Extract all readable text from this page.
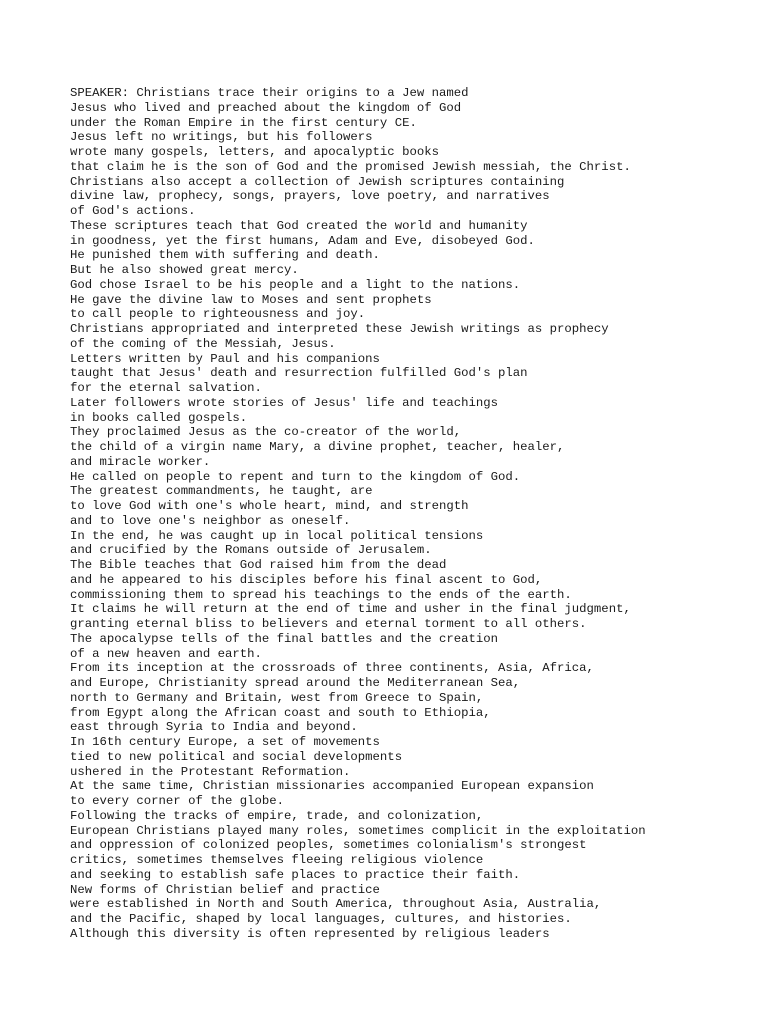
SPEAKER: Christians trace their origins to a Jew named
Jesus who lived and preached about the kingdom of God
under the Roman Empire in the first century CE.
Jesus left no writings, but his followers
wrote many gospels, letters, and apocalyptic books
that claim he is the son of God and the promised Jewish messiah, the Christ.
Christians also accept a collection of Jewish scriptures containing
divine law, prophecy, songs, prayers, love poetry, and narratives
of God's actions.
These scriptures teach that God created the world and humanity
in goodness, yet the first humans, Adam and Eve, disobeyed God.
He punished them with suffering and death.
But he also showed great mercy.
God chose Israel to be his people and a light to the nations.
He gave the divine law to Moses and sent prophets
to call people to righteousness and joy.
Christians appropriated and interpreted these Jewish writings as prophecy
of the coming of the Messiah, Jesus.
Letters written by Paul and his companions
taught that Jesus' death and resurrection fulfilled God's plan
for the eternal salvation.
Later followers wrote stories of Jesus' life and teachings
in books called gospels.
They proclaimed Jesus as the co-creator of the world,
the child of a virgin name Mary, a divine prophet, teacher, healer,
and miracle worker.
He called on people to repent and turn to the kingdom of God.
The greatest commandments, he taught, are
to love God with one's whole heart, mind, and strength
and to love one's neighbor as oneself.
In the end, he was caught up in local political tensions
and crucified by the Romans outside of Jerusalem.
The Bible teaches that God raised him from the dead
and he appeared to his disciples before his final ascent to God,
commissioning them to spread his teachings to the ends of the earth.
It claims he will return at the end of time and usher in the final judgment,
granting eternal bliss to believers and eternal torment to all others.
The apocalypse tells of the final battles and the creation
of a new heaven and earth.
From its inception at the crossroads of three continents, Asia, Africa,
and Europe, Christianity spread around the Mediterranean Sea,
north to Germany and Britain, west from Greece to Spain,
from Egypt along the African coast and south to Ethiopia,
east through Syria to India and beyond.
In 16th century Europe, a set of movements
tied to new political and social developments
ushered in the Protestant Reformation.
At the same time, Christian missionaries accompanied European expansion
to every corner of the globe.
Following the tracks of empire, trade, and colonization,
European Christians played many roles, sometimes complicit in the exploitation
and oppression of colonized peoples, sometimes colonialism's strongest
critics, sometimes themselves fleeing religious violence
and seeking to establish safe places to practice their faith.
New forms of Christian belief and practice
were established in North and South America, throughout Asia, Australia,
and the Pacific, shaped by local languages, cultures, and histories.
Although this diversity is often represented by religious leaders
